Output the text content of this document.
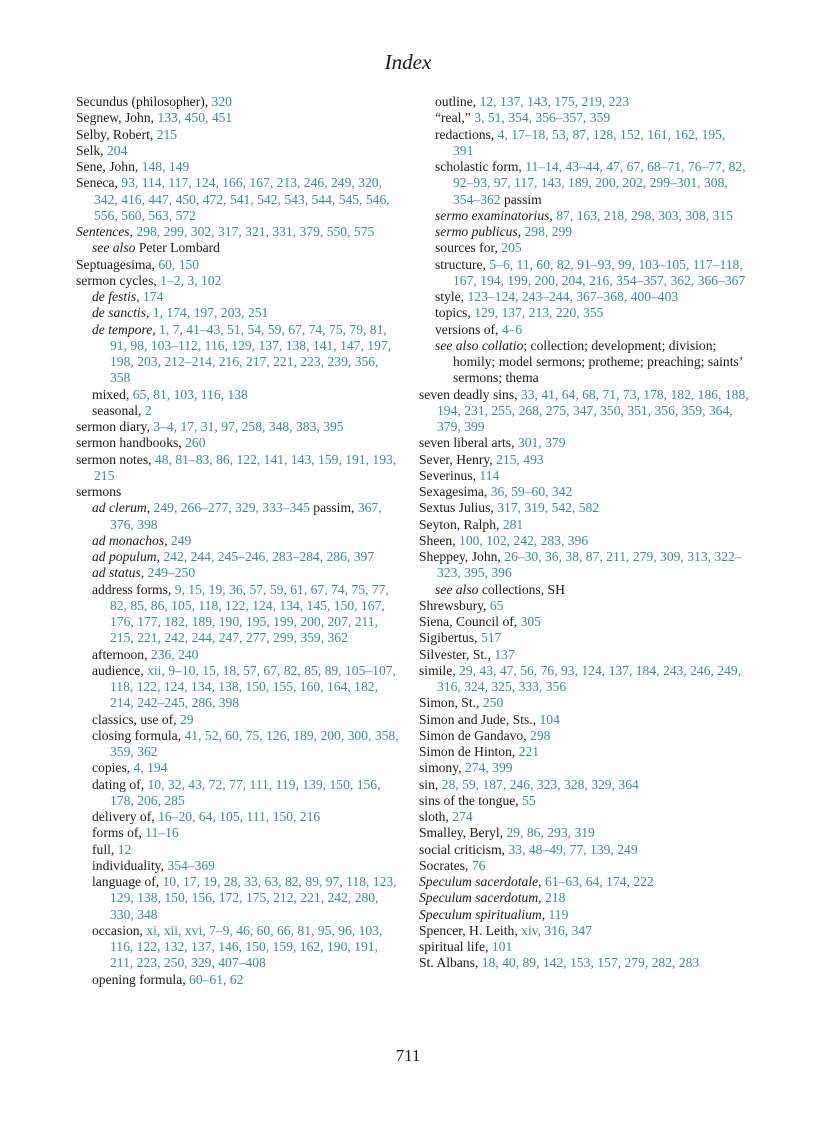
Index
Secundus (philosopher), 320
Segnew, John, 133, 450, 451
Selby, Robert, 215
Selk, 204
Sene, John, 148, 149
Seneca, 93, 114, 117, 124, 166, 167, 213, 246, 249, 320, 342, 416, 447, 450, 472, 541, 542, 543, 544, 545, 546, 556, 560, 563, 572
Sentences, 298, 299, 302, 317, 321, 331, 379, 550, 575
see also Peter Lombard
Septuagesima, 60, 150
sermon cycles, 1–2, 3, 102
de festis, 174
de sanctis, 1, 174, 197, 203, 251
de tempore, 1, 7, 41–43, 51, 54, 59, 67, 74, 75, 79, 81, 91, 98, 103–112, 116, 129, 137, 138, 141, 147, 197, 198, 203, 212–214, 216, 217, 221, 223, 239, 356, 358
mixed, 65, 81, 103, 116, 138
seasonal, 2
sermon diary, 3–4, 17, 31, 97, 258, 348, 383, 395
sermon handbooks, 260
sermon notes, 48, 81–83, 86, 122, 141, 143, 159, 191, 193, 215
sermons
ad clerum, 249, 266–277, 329, 333–345 passim, 367, 376, 398
ad monachos, 249
ad populum, 242, 244, 245–246, 283–284, 286, 397
ad status, 249–250
address forms, 9, 15, 19, 36, 57, 59, 61, 67, 74, 75, 77, 82, 85, 86, 105, 118, 122, 124, 134, 145, 150, 167, 176, 177, 182, 189, 190, 195, 199, 200, 207, 211, 215, 221, 242, 244, 247, 277, 299, 359, 362
afternoon, 236, 240
audience, xii, 9–10, 15, 18, 57, 67, 82, 85, 89, 105–107, 118, 122, 124, 134, 138, 150, 155, 160, 164, 182, 214, 242–245, 286, 398
classics, use of, 29
closing formula, 41, 52, 60, 75, 126, 189, 200, 300, 358, 359, 362
copies, 4, 194
dating of, 10, 32, 43, 72, 77, 111, 119, 139, 150, 156, 178, 206, 285
delivery of, 16–20, 64, 105, 111, 150, 216
forms of, 11–16
full, 12
individuality, 354–369
language of, 10, 17, 19, 28, 33, 63, 82, 89, 97, 118, 123, 129, 138, 150, 156, 172, 175, 212, 221, 242, 280, 330, 348
occasion, xi, xii, xvi, 7–9, 46, 60, 66, 81, 95, 96, 103, 116, 122, 132, 137, 146, 150, 159, 162, 190, 191, 211, 223, 250, 329, 407–408
opening formula, 60–61, 62
outline, 12, 137, 143, 175, 219, 223
“real,” 3, 51, 354, 356–357, 359
redactions, 4, 17–18, 53, 87, 128, 152, 161, 162, 195, 391
scholastic form, 11–14, 43–44, 47, 67, 68–71, 76–77, 82, 92–93, 97, 117, 143, 189, 200, 202, 299–301, 308, 354–362 passim
sermo examinatorius, 87, 163, 218, 298, 303, 308, 315
sermo publicus, 298, 299
sources for, 205
structure, 5–6, 11, 60, 82, 91–93, 99, 103–105, 117–118, 167, 194, 199, 200, 204, 216, 354–357, 362, 366–367
style, 123–124, 243–244, 367–368, 400–403
topics, 129, 137, 213, 220, 355
versions of, 4–6
see also collatio; collection; development; division; homily; model sermons; protheme; preaching; saints’ sermons; thema
seven deadly sins, 33, 41, 64, 68, 71, 73, 178, 182, 186, 188, 194, 231, 255, 268, 275, 347, 350, 351, 356, 359, 364, 379, 399
seven liberal arts, 301, 379
Sever, Henry, 215, 493
Severinus, 114
Sexagesima, 36, 59–60, 342
Sextus Julius, 317, 319, 542, 582
Seyton, Ralph, 281
Sheen, 100, 102, 242, 283, 396
Sheppey, John, 26–30, 36, 38, 87, 211, 279, 309, 313, 322–323, 395, 396
see also collections, SH
Shrewsbury, 65
Siena, Council of, 305
Sigibertus, 517
Silvester, St., 137
simile, 29, 43, 47, 56, 76, 93, 124, 137, 184, 243, 246, 249, 316, 324, 325, 333, 356
Simon, St., 250
Simon and Jude, Sts., 104
Simon de Gandavo, 298
Simon de Hinton, 221
simony, 274, 399
sin, 28, 59, 187, 246, 323, 328, 329, 364
sins of the tongue, 55
sloth, 274
Smalley, Beryl, 29, 86, 293, 319
social criticism, 33, 48–49, 77, 139, 249
Socrates, 76
Speculum sacerdotale, 61–63, 64, 174, 222
Speculum sacerdotum, 218
Speculum spiritualium, 119
Spencer, H. Leith, xiv, 316, 347
spiritual life, 101
St. Albans, 18, 40, 89, 142, 153, 157, 279, 282, 283
711
